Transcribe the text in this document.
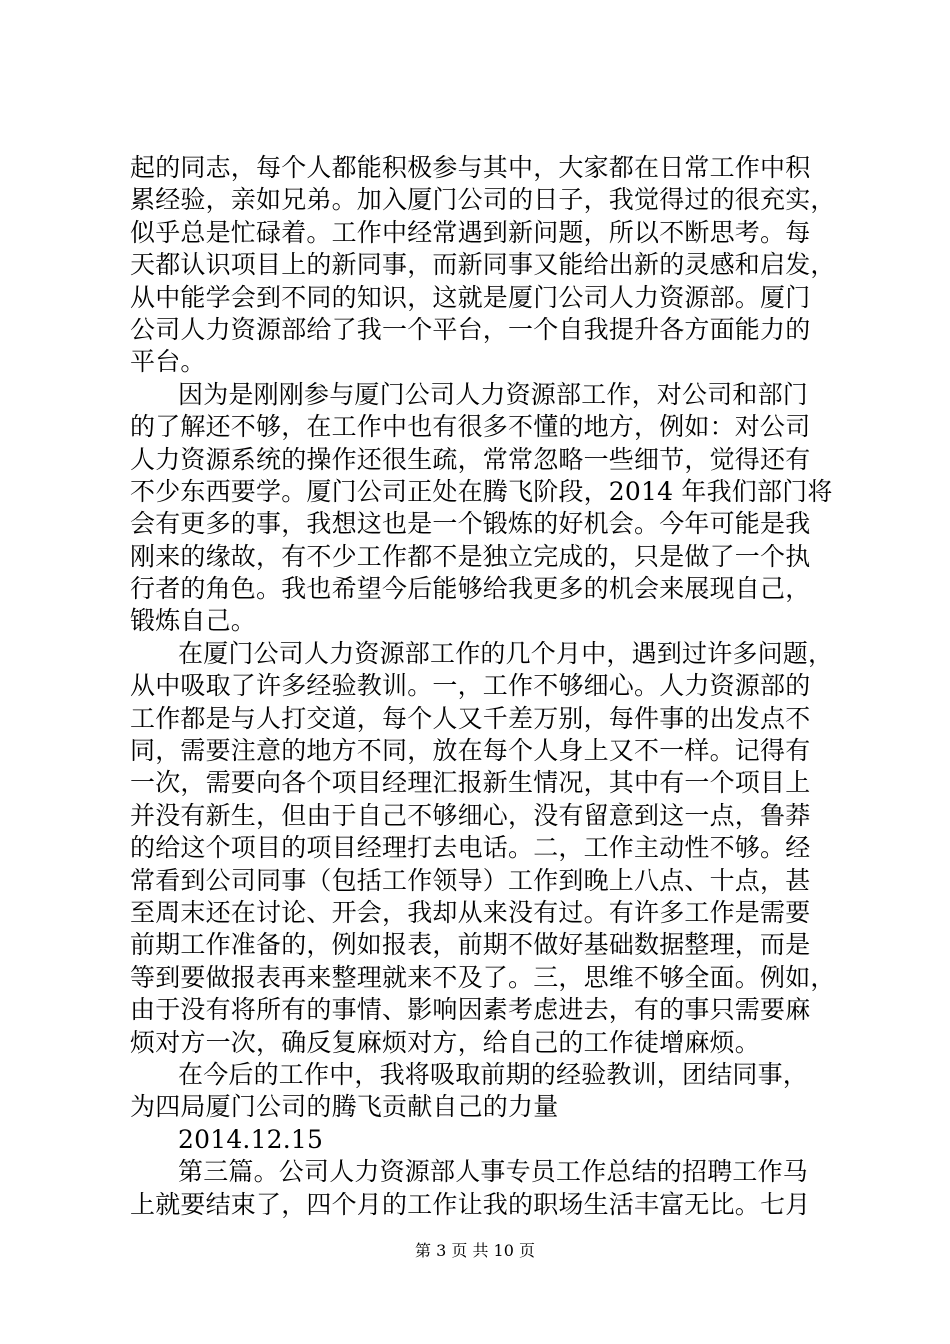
起的同志，每个人都能积极参与其中，大家都在日常工作中积
累经验，亲如兄弟。加入厦门公司的日子，我觉得过的很充实，
似乎总是忙碌着。工作中经常遇到新问题，所以不断思考。每
天都认识项目上的新同事，而新同事又能给出新的灵感和启发，
从中能学会到不同的知识，这就是厦门公司人力资源部。厦门
公司人力资源部给了我一个平台，一个自我提升各方面能力的
平台。
因为是刚刚参与厦门公司人力资源部工作，对公司和部门
的了解还不够，在工作中也有很多不懂的地方，例如：对公司
人力资源系统的操作还很生疏，常常忽略一些细节，觉得还有
不少东西要学。厦门公司正处在腾飞阶段，2014 年我们部门将
会有更多的事，我想这也是一个锻炼的好机会。今年可能是我
刚来的缘故，有不少工作都不是独立完成的，只是做了一个执
行者的角色。我也希望今后能够给我更多的机会来展现自己，
锻炼自己。
在厦门公司人力资源部工作的几个月中，遇到过许多问题，
从中吸取了许多经验教训。一，工作不够细心。人力资源部的
工作都是与人打交道，每个人又千差万别，每件事的出发点不
同，需要注意的地方不同，放在每个人身上又不一样。记得有
一次，需要向各个项目经理汇报新生情况，其中有一个项目上
并没有新生，但由于自己不够细心，没有留意到这一点，鲁莽
的给这个项目的项目经理打去电话。二，工作主动性不够。经
常看到公司同事（包括工作领导）工作到晚上八点、十点，甚
至周末还在讨论、开会，我却从来没有过。有许多工作是需要
前期工作准备的，例如报表，前期不做好基础数据整理，而是
等到要做报表再来整理就来不及了。三，思维不够全面。例如，
由于没有将所有的事情、影响因素考虑进去，有的事只需要麻
烦对方一次，确反复麻烦对方，给自己的工作徒增麻烦。
在今后的工作中，我将吸取前期的经验教训，团结同事，
为四局厦门公司的腾飞贡献自己的力量
2014.12.15
第三篇。公司人力资源部人事专员工作总结的招聘工作马
上就要结束了，四个月的工作让我的职场生活丰富无比。七月
第 3 页 共 10 页
